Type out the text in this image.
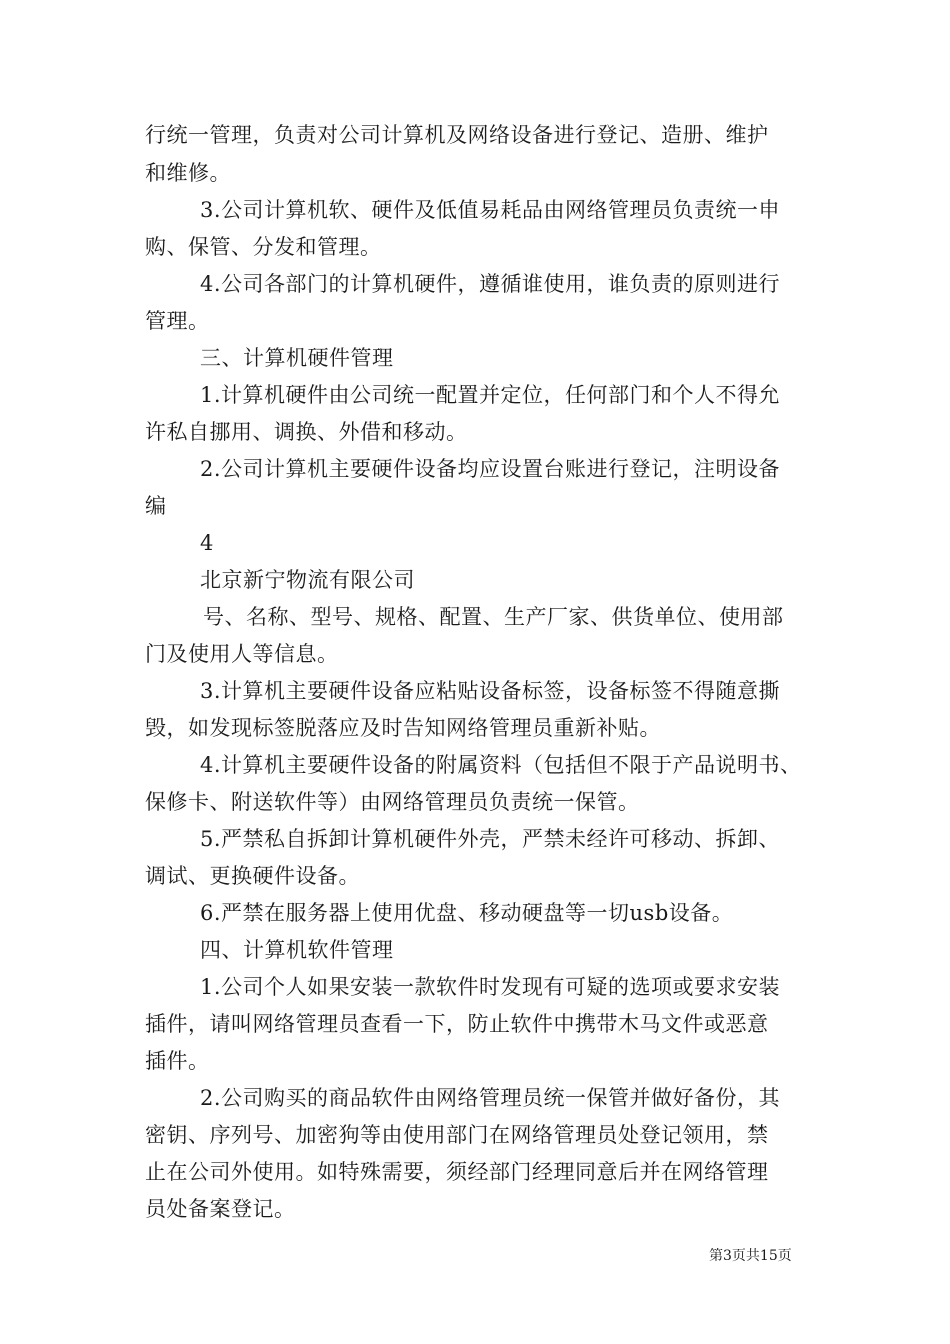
行统一管理，负责对公司计算机及网络设备进行登记、造册、维护
和维修。
3.公司计算机软、硬件及低值易耗品由网络管理员负责统一申
购、保管、分发和管理。
4.公司各部门的计算机硬件，遵循谁使用，谁负责的原则进行
管理。
三、计算机硬件管理
1.计算机硬件由公司统一配置并定位，任何部门和个人不得允
许私自挪用、调换、外借和移动。
2.公司计算机主要硬件设备均应设置台账进行登记，注明设备
编
4
北京新宁物流有限公司
号、名称、型号、规格、配置、生产厂家、供货单位、使用部
门及使用人等信息。
3.计算机主要硬件设备应粘贴设备标签，设备标签不得随意撕
毁，如发现标签脱落应及时告知网络管理员重新补贴。
4.计算机主要硬件设备的附属资料（包括但不限于产品说明书、
保修卡、附送软件等）由网络管理员负责统一保管。
5.严禁私自拆卸计算机硬件外壳，严禁未经许可移动、拆卸、
调试、更换硬件设备。
6.严禁在服务器上使用优盘、移动硬盘等一切usb设备。
四、计算机软件管理
1.公司个人如果安装一款软件时发现有可疑的选项或要求安装
插件，请叫网络管理员查看一下，防止软件中携带木马文件或恶意
插件。
2.公司购买的商品软件由网络管理员统一保管并做好备份，其
密钥、序列号、加密狗等由使用部门在网络管理员处登记领用，禁
止在公司外使用。如特殊需要，须经部门经理同意后并在网络管理
员处备案登记。
第3页共15页
